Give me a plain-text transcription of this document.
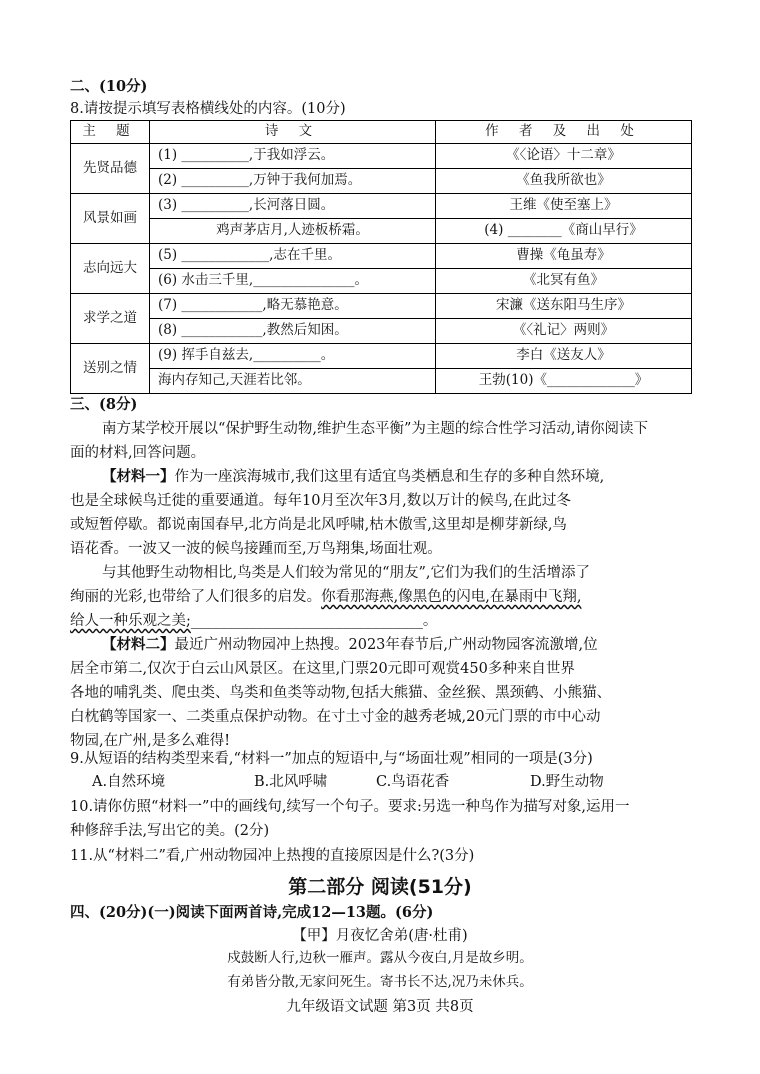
二、(10分)
8.请按提示填写表格横线处的内容。(10分)
主 题	诗 文	作 者 及 出 处
先贤品德	(1) __________,于我如浮云。	《〈论语〉十二章》
	(2) __________,万钟于我何加焉。	《鱼我所欲也》
风景如画	(3) __________,长河落日圆。	王维《使至塞上》
	鸡声茅店月,人迹板桥霜。	(4) ________《商山早行》
志向远大	(5) _____________,志在千里。	曹操《龟虽寿》
	(6) 水击三千里,_______________。	《北冥有鱼》
求学之道	(7) ____________,略无慕艳意。	宋濂《送东阳马生序》
	(8) ____________,教然后知困。	《〈礼记〉两则》
送别之情	(9) 挥手自兹去,__________。	李白《送友人》
	海内存知己,天涯若比邻。	王勃(10)《_____________》
三、(8分)
南方某学校开展以“保护野生动物,维护生态平衡”为主题的综合性学习活动,请你阅读下
面的材料,回答问题。
【材料一】作为一座滨海城市,我们这里有适宜鸟类栖息和生存的多种自然环境,
也是全球候鸟迁徙的重要通道。每年10月至次年3月,数以万计的候鸟,在此过冬
或短暂停歇。都说南国春早,北方尚是北风呼啸,枯木傲雪,这里却是柳芽新绿,鸟
语花香。一波又一波的候鸟接踵而至,万鸟翔集,场面壮观。
与其他野生动物相比,鸟类是人们较为常见的“朋友”,它们为我们的生活增添了
绚丽的光彩,也带给了人们很多的启发。你看那海燕,像黑色的闪电,在暴雨中飞翔,
给人一种乐观之美;________________________________。
【材料二】最近广州动物园冲上热搜。2023年春节后,广州动物园客流激增,位
居全市第二,仅次于白云山风景区。在这里,门票20元即可观赏450多种来自世界
各地的哺乳类、爬虫类、鸟类和鱼类等动物,包括大熊猫、金丝猴、黑颈鹤、小熊猫、
白枕鹤等国家一、二类重点保护动物。在寸土寸金的越秀老城,20元门票的市中心动
物园,在广州,是多么难得!
9.从短语的结构类型来看,“材料一”加点的短语中,与“场面壮观”相同的一项是(3分)
A.自然环境	B.北风呼啸	C.鸟语花香	D.野生动物
10.请你仿照“材料一”中的画线句,续写一个句子。要求:另选一种鸟作为描写对象,运用一
种修辞手法,写出它的美。(2分)
11.从“材料二”看,广州动物园冲上热搜的直接原因是什么?(3分)
第二部分 阅读(51分)
四、(20分)(一)阅读下面两首诗,完成12—13题。(6分)
【甲】月夜忆舍弟(唐·杜甫)
戍鼓断人行,边秋一雁声。露从今夜白,月是故乡明。
有弟皆分散,无家问死生。寄书长不达,况乃未休兵。
九年级语文试题 第3页 共8页
